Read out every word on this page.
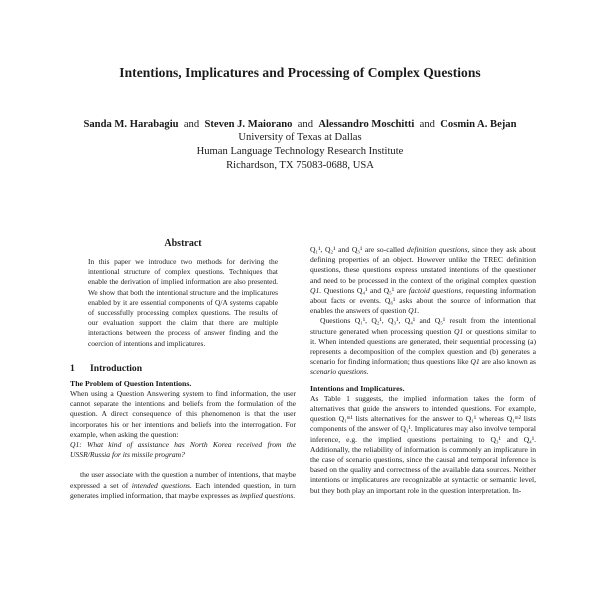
Intentions, Implicatures and Processing of Complex Questions
Sanda M. Harabagiu and Steven J. Maiorano and Alessandro Moschitti and Cosmin A. Bejan
University of Texas at Dallas
Human Language Technology Research Institute
Richardson, TX 75083-0688, USA
Abstract

In this paper we introduce two methods for deriving the intentional structure of complex questions. Techniques that enable the derivation of implied information are also presented. We show that both the intentional structure and the implicatures enabled by it are essential components of Q/A systems capable of successfully processing complex questions. The results of our evaluation support the claim that there are multiple interactions between the process of answer finding and the coercion of intentions and implicatures.

1 Introduction
The Problem of Question Intentions.

When using a Question Answering system to find information, the user cannot separate the intentions and beliefs from the formulation of the question. A direct consequence of this phenomenon is that the user incorporates his or her intentions and beliefs into the interrogation. For example, when asking the question:

Q1: What kind of assistance has North Korea received from the USSR/Russia for its missile program?

the user associate with the question a number of intentions, that maybe expressed a set of intended questions. Each intended question, in turn generates implied information, that maybe expresses as implied questions.

Q₁¹, Q₂¹ and Q₃¹ are so-called definition questions, since they ask about defining properties of an object. However unlike the TREC definition questions, these questions express unstated intentions of the questioner and need to be processed in the context of the original complex question Q1. Questions Q₄¹ and Q₅¹ are factoid questions, requesting information about facts or events. Q₆¹ asks about the source of information that enables the answers of question Q1.

Questions Q₁¹, Q₂¹, Q₃¹, Q₄¹ and Q₅¹ result from the intentional structure generated when processing question Q1 or questions similar to it. When intended questions are generated, their sequential processing (a) represents a decomposition of the complex question and (b) generates a scenario for finding information; thus questions like Q1 are also known as scenario questions.

Intentions and Implicatures.

As Table 1 suggests, the implied information takes the form of alternatives that guide the answers to intended questions. For example, question Q₁ᵐ¹ lists alternatives for the answer to Q₁¹ whereas Q₁ᵐ² lists components of the answer of Q₁¹. Implicatures may also involve temporal inference, e.g. the implied questions pertaining to Q₃¹ and Q₄¹. Additionally, the reliability of information is commonly an implicature in the case of scenario questions, since the causal and temporal inference is based on the quality and correctness of the available data sources. Neither intentions or implicatures are recognizable at syntactic or semantic level, but they both play an important role in the question interpretation. In-
